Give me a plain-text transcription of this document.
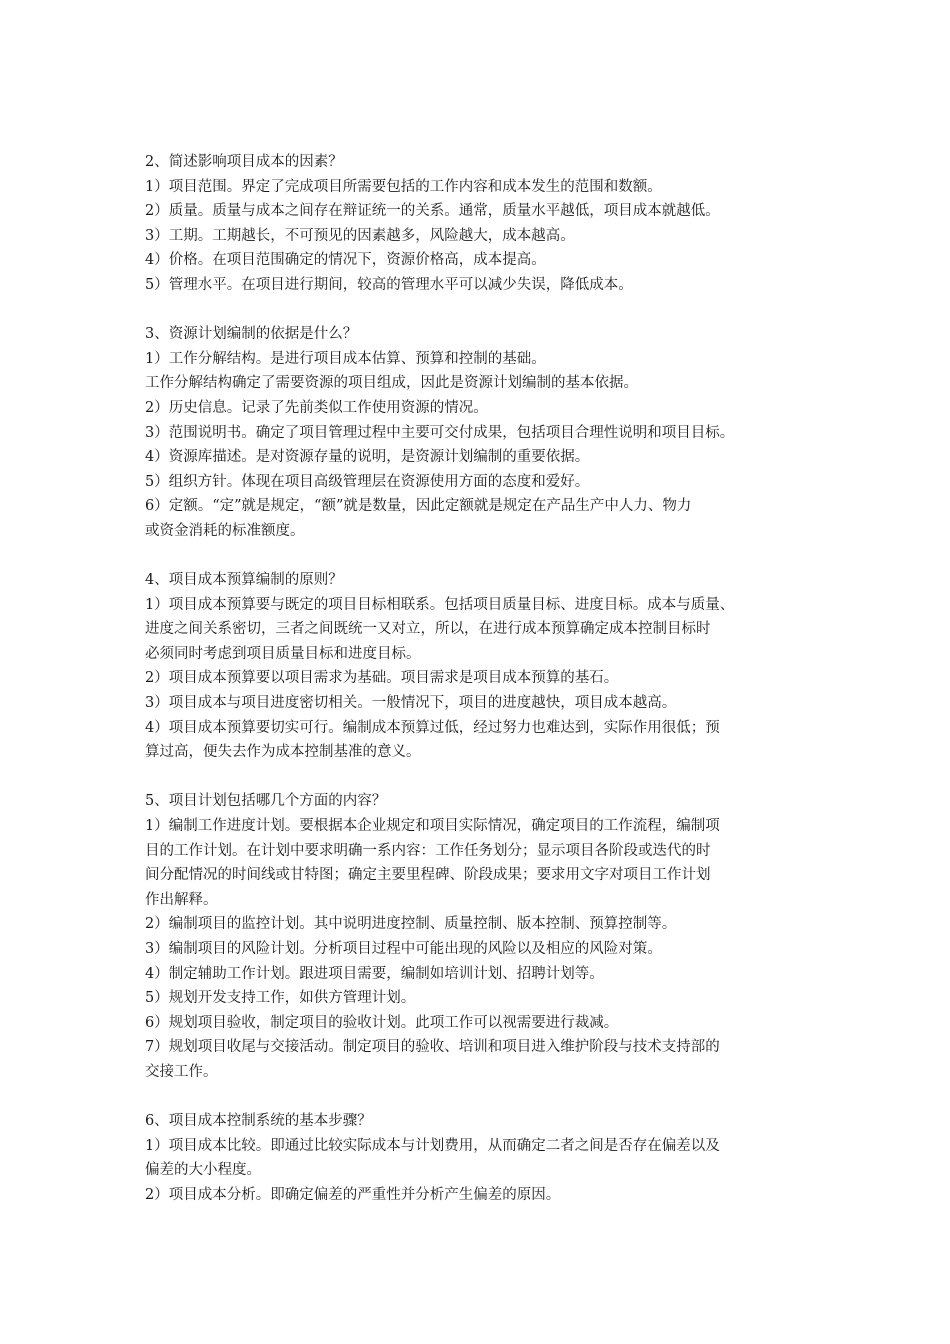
2、简述影响项目成本的因素？
1）项目范围。界定了完成项目所需要包括的工作内容和成本发生的范围和数额。
2）质量。质量与成本之间存在辩证统一的关系。通常，质量水平越低，项目成本就越低。
3）工期。工期越长，不可预见的因素越多，风险越大，成本越高。
4）价格。在项目范围确定的情况下，资源价格高，成本提高。
5）管理水平。在项目进行期间，较高的管理水平可以减少失误，降低成本。
3、资源计划编制的依据是什么？
1）工作分解结构。是进行项目成本估算、预算和控制的基础。
工作分解结构确定了需要资源的项目组成，因此是资源计划编制的基本依据。
2）历史信息。记录了先前类似工作使用资源的情况。
3）范围说明书。确定了项目管理过程中主要可交付成果，包括项目合理性说明和项目目标。
4）资源库描述。是对资源存量的说明，是资源计划编制的重要依据。
5）组织方针。体现在项目高级管理层在资源使用方面的态度和爱好。
6）定额。“定”就是规定，“额”就是数量，因此定额就是规定在产品生产中人力、物力
或资金消耗的标准额度。
4、项目成本预算编制的原则？
1）项目成本预算要与既定的项目目标相联系。包括项目质量目标、进度目标。成本与质量、
进度之间关系密切，三者之间既统一又对立，所以，在进行成本预算确定成本控制目标时
必须同时考虑到项目质量目标和进度目标。
2）项目成本预算要以项目需求为基础。项目需求是项目成本预算的基石。
3）项目成本与项目进度密切相关。一般情况下，项目的进度越快，项目成本越高。
4）项目成本预算要切实可行。编制成本预算过低，经过努力也难达到，实际作用很低；预
算过高，便失去作为成本控制基准的意义。
5、项目计划包括哪几个方面的内容？
1）编制工作进度计划。要根据本企业规定和项目实际情况，确定项目的工作流程，编制项
目的工作计划。在计划中要求明确一系内容：工作任务划分；显示项目各阶段或迭代的时
间分配情况的时间线或甘特图；确定主要里程碑、阶段成果；要求用文字对项目工作计划
作出解释。
2）编制项目的监控计划。其中说明进度控制、质量控制、版本控制、预算控制等。
3）编制项目的风险计划。分析项目过程中可能出现的风险以及相应的风险对策。
4）制定辅助工作计划。跟进项目需要，编制如培训计划、招聘计划等。
5）规划开发支持工作，如供方管理计划。
6）规划项目验收，制定项目的验收计划。此项工作可以视需要进行裁减。
7）规划项目收尾与交接活动。制定项目的验收、培训和项目进入维护阶段与技术支持部的
交接工作。
6、项目成本控制系统的基本步骤？
1）项目成本比较。即通过比较实际成本与计划费用，从而确定二者之间是否存在偏差以及
偏差的大小程度。
2）项目成本分析。即确定偏差的严重性并分析产生偏差的原因。
